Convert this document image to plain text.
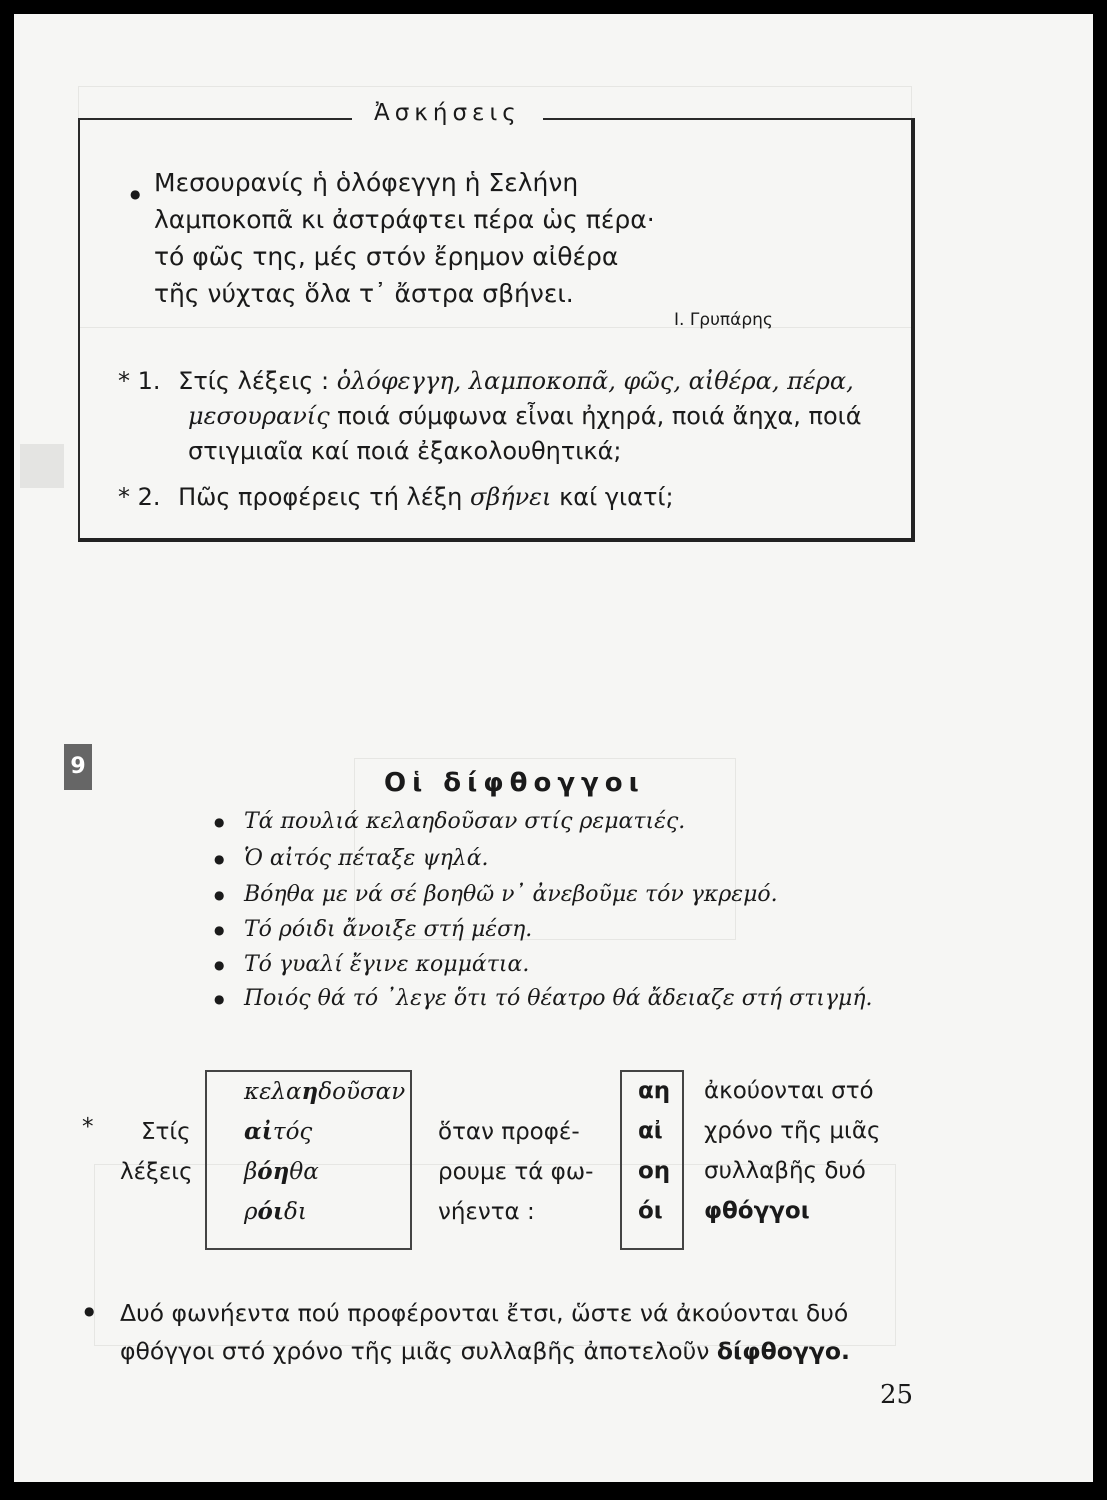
Ἀσκήσεις
● Μεσουρανίς ἡ ὁλόφεγγη ἡ Σελήνη
λαμποκοπᾶ κι ἀστράφτει πέρα ὡς πέρα·
τό φῶς της, μές στόν ἔρημον αἰθέρα
τῆς νύχτας ὅλα τ᾽ ἄστρα σβήνει.
Ι. Γρυπάρης
* 1. Στίς λέξεις : ὁλόφεγγη, λαμποκοπᾶ, φῶς, αἰθέρα, πέρα,
μεσουρανίς ποιά σύμφωνα εἶναι ἠχηρά, ποιά ἄηχα, ποιά
στιγμιαῖα καί ποιά ἐξακολουθητικά;
* 2. Πῶς προφέρεις τή λέξη σβήνει καί γιατί;
9
Οἱ δίφθογγοι
● Τά πουλιά κελαηδοῦσαν στίς ρεματιές.
● Ὁ αἰτός πέταξε ψηλά.
● Βόηθα με νά σέ βοηθῶ ν᾽ ἀνεβοῦμε τόν γκρεμό.
● Τό ρόιδι ἄνοιξε στή μέση.
● Τό γυαλί ἔγινε κομμάτια.
● Ποιός θά τό ᾽λεγε ὅτι τό θέατρο θά ἄδειαζε στή στιγμή.
* Στίς
λέξεις
κελαηδοῦσαν
αἰτός
βόηθα
ρόιδι
ὅταν προφέ-
ρουμε τά φω-
νήεντα :
αη
αἰ
οη
όι
ἀκούονται στό
χρόνο τῆς μιᾶς
συλλαβῆς δυό
φθόγγοι
● Δυό φωνήεντα πού προφέρονται ἔτσι, ὥστε νά ἀκούονται δυό
φθόγγοι στό χρόνο τῆς μιᾶς συλλαβῆς ἀποτελοῦν δίφθογγο.
25
